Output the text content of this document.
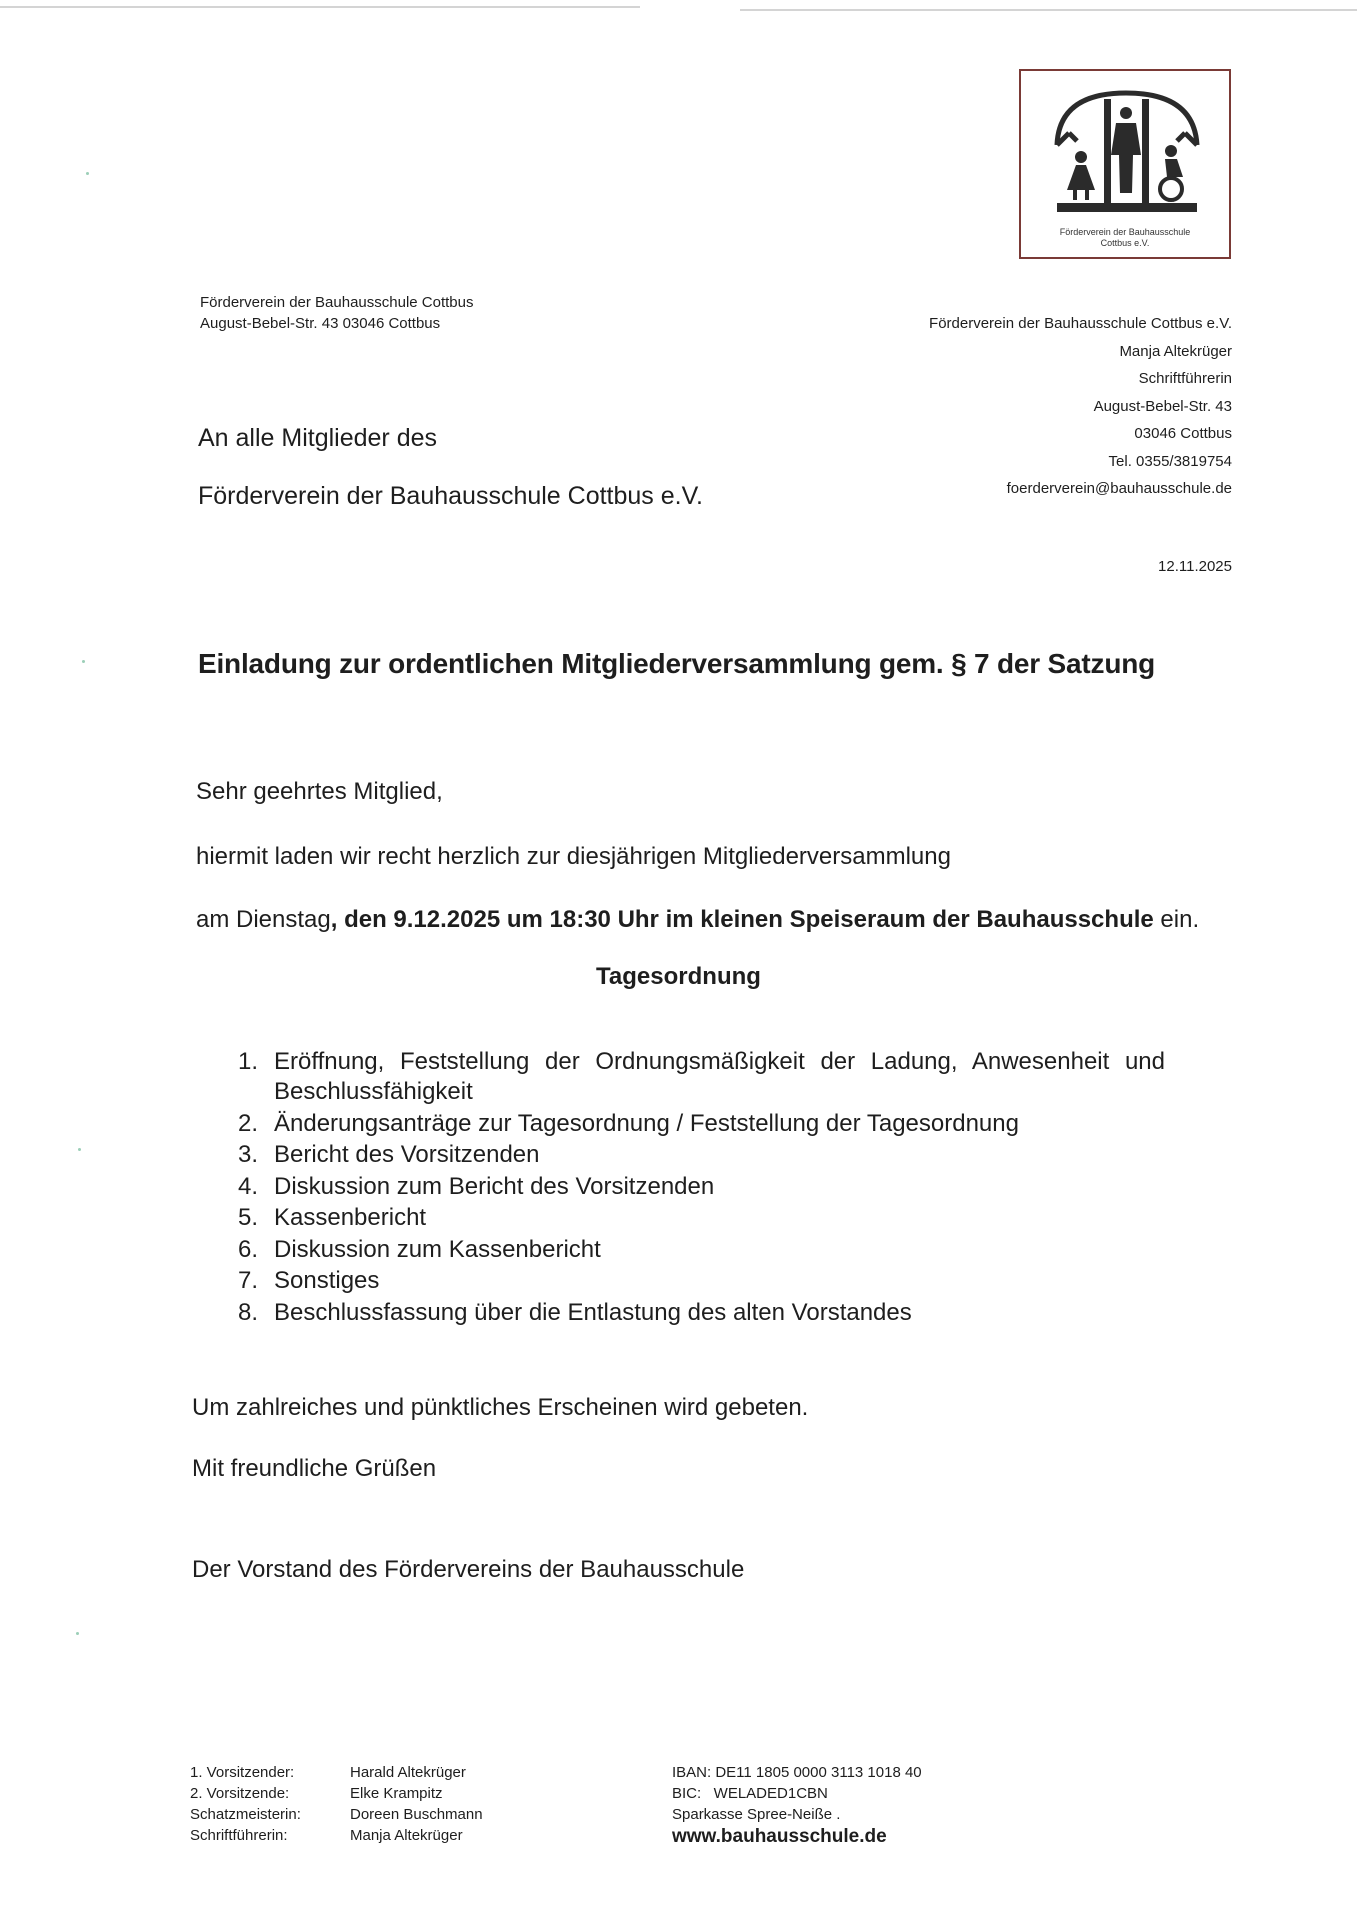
Förderverein der Bauhausschule
Cottbus e.V.
Förderverein der Bauhausschule Cottbus
August-Bebel-Str. 43 03046 Cottbus	Förderverein der Bauhausschule Cottbus e.V.
Manja Altekrüger
Schriftführerin
August-Bebel-Str. 43
03046 Cottbus
Tel. 0355/3819754
foerderverein@bauhausschule.de
An alle Mitglieder des
Förderverein der Bauhausschule Cottbus e.V.
12.11.2025
Einladung zur ordentlichen Mitgliederversammlung gem. § 7 der Satzung
Sehr geehrtes Mitglied,
hiermit laden wir recht herzlich zur diesjährigen Mitgliederversammlung
am Dienstag, den 9.12.2025 um 18:30 Uhr im kleinen Speiseraum der Bauhausschule ein.
Tagesordnung
1. Eröffnung, Feststellung der Ordnungsmäßigkeit der Ladung, Anwesenheit und Beschlussfähigkeit
2. Änderungsanträge zur Tagesordnung / Feststellung der Tagesordnung
3. Bericht des Vorsitzenden
4. Diskussion zum Bericht des Vorsitzenden
5. Kassenbericht
6. Diskussion zum Kassenbericht
7. Sonstiges
8. Beschlussfassung über die Entlastung des alten Vorstandes
Um zahlreiches und pünktliches Erscheinen wird gebeten.
Mit freundliche Grüßen
Der Vorstand des Fördervereins der Bauhausschule
1. Vorsitzender:
2. Vorsitzende:
Schatzmeisterin:
Schriftführerin:
Harald Altekrüger
Elke Krampitz
Doreen Buschmann
Manja Altekrüger
IBAN: DE11 1805 0000 3113 1018 40
BIC:   WELADED1CBN
Sparkasse Spree-Neiße .
www.bauhausschule.de
